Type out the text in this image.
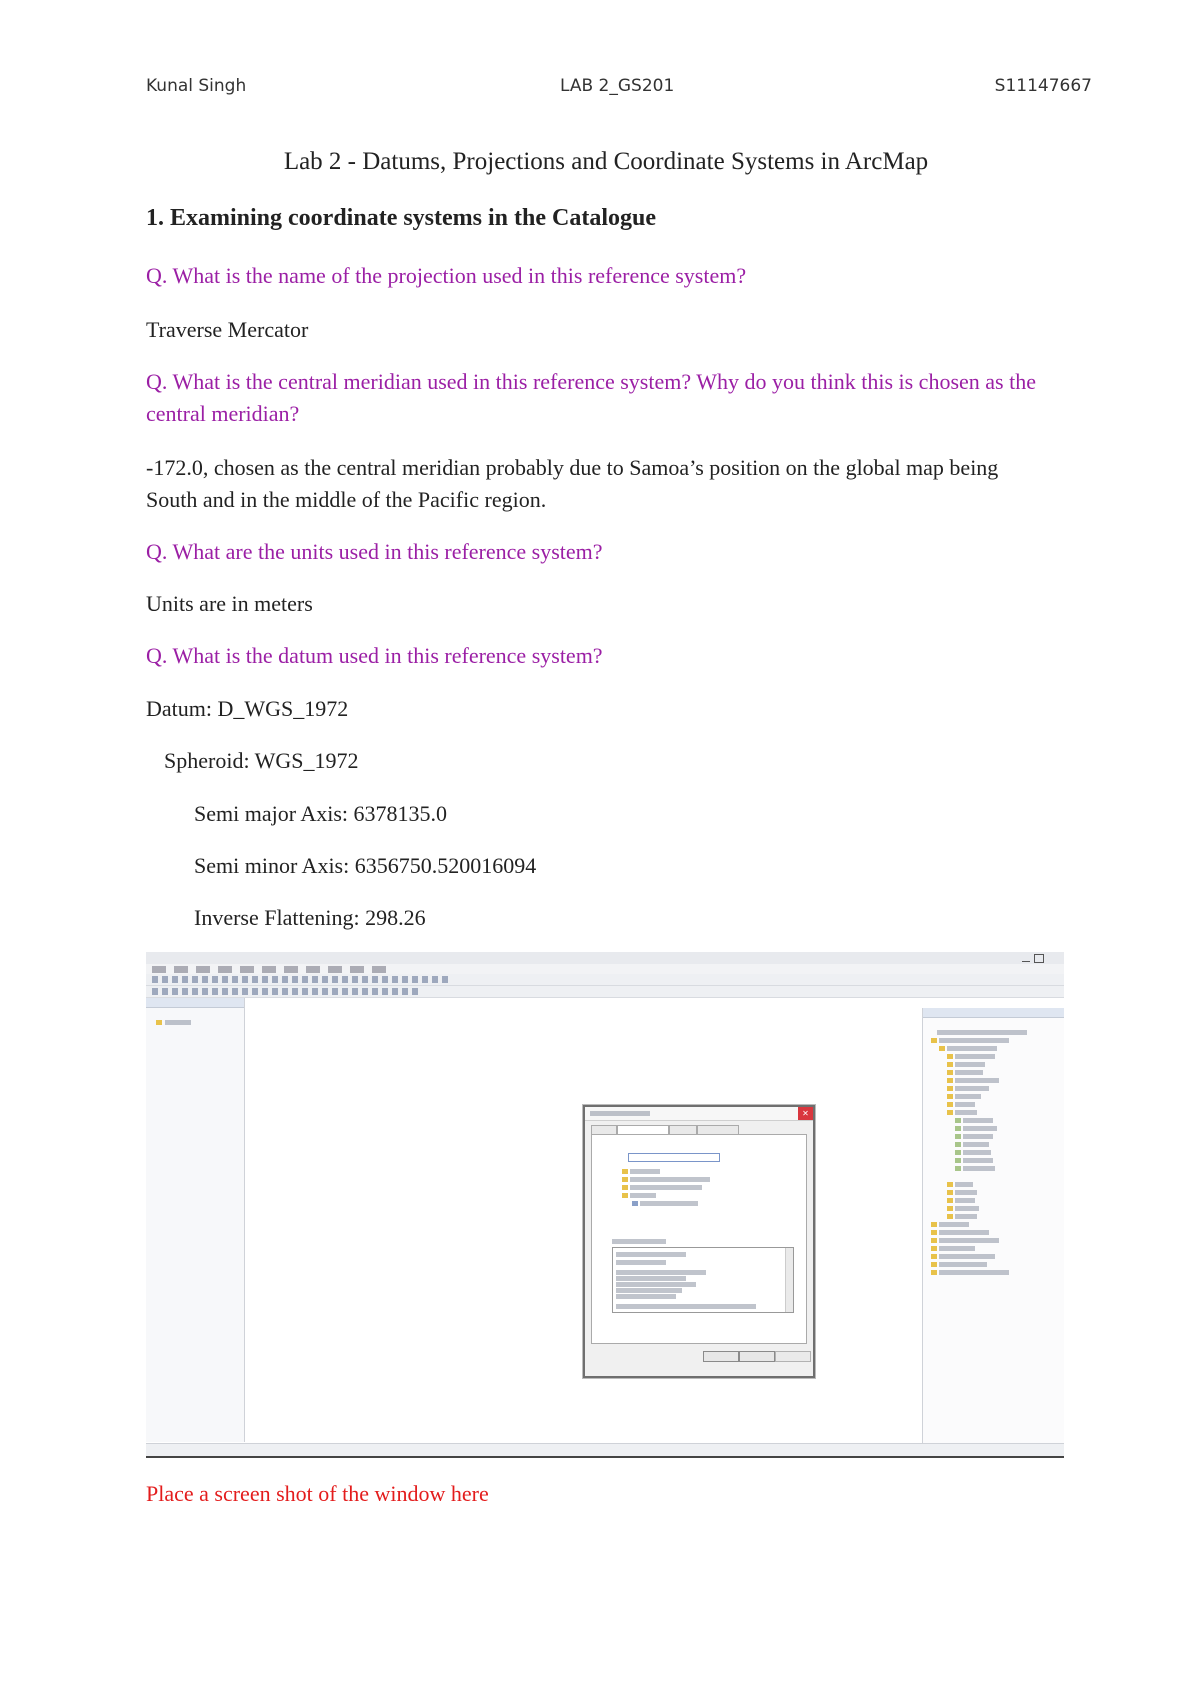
Kunal Singh	LAB 2_GS201	S11147667
Lab 2 - Datums, Projections and Coordinate Systems in ArcMap
1. Examining coordinate systems in the Catalogue
Q. What is the name of the projection used in this reference system?
Traverse Mercator
Q. What is the central meridian used in this reference system? Why do you think this is chosen as the central meridian?
-172.0, chosen as the central meridian probably due to Samoa’s position on the global map being South and in the middle of the Pacific region.
Q. What are the units used in this reference system?
Units are in meters
Q. What is the datum used in this reference system?
Datum: D_WGS_1972
Spheroid: WGS_1972
Semi major Axis: 6378135.0
Semi minor Axis: 6356750.520016094
Inverse Flattening: 298.26
Place a screen shot of the window here
✕
